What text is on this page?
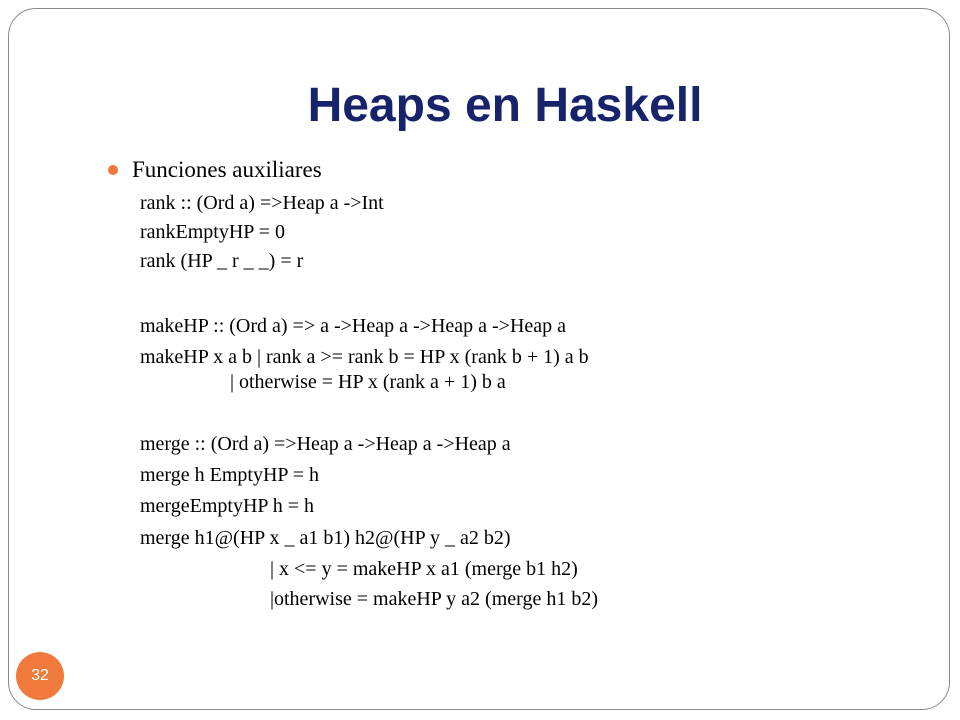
Heaps en Haskell
Funciones auxiliares
rank :: (Ord a) =>Heap a ->Int
rankEmptyHP = 0
rank (HP _ r _ _) = r
makeHP :: (Ord a) => a ->Heap a ->Heap a ->Heap a
makeHP x a b | rank a >= rank b = HP x (rank b + 1) a b
| otherwise = HP x (rank a + 1) b a
merge :: (Ord a) =>Heap a ->Heap a ->Heap a
merge h EmptyHP = h
mergeEmptyHP h = h
merge h1@(HP x _ a1 b1) h2@(HP y _ a2 b2)
| x <= y = makeHP x a1 (merge b1 h2)
|otherwise = makeHP y a2 (merge h1 b2)
32
